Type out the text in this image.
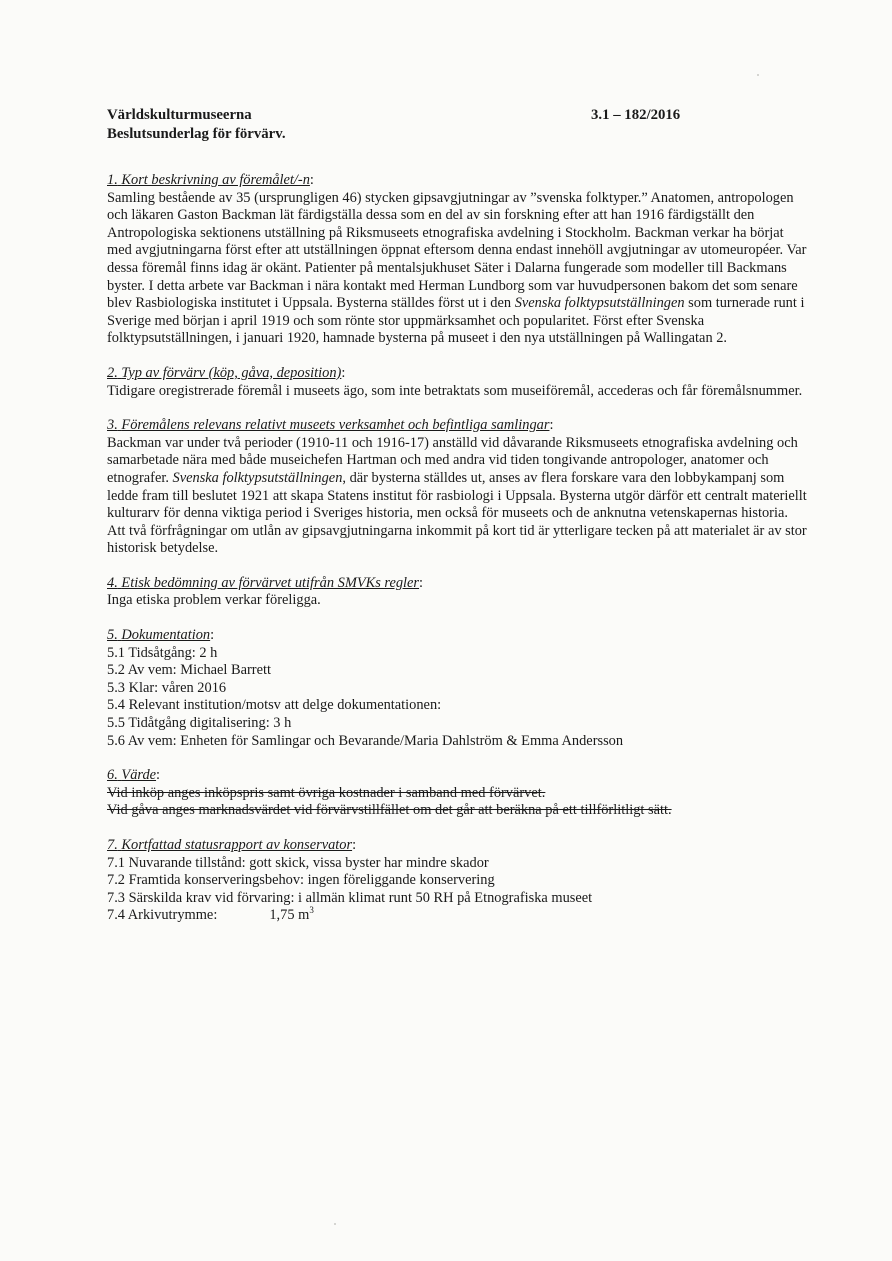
Världskulturmuseerna
Beslutsunderlag för förvärv.
3.1 – 182/2016
1. Kort beskrivning av föremålet/-n:

Samling bestående av 35 (ursprungligen 46) stycken gipsavgjutningar av ”svenska folktyper.” Anatomen, antropologen och läkaren Gaston Backman lät färdigställa dessa som en del av sin forskning efter att han 1916 färdigställt den Antropologiska sektionens utställning på Riksmuseets etnografiska avdelning i Stockholm. Backman verkar ha börjat med avgjutningarna först efter att utställningen öppnat eftersom denna endast innehöll avgjutningar av utomeuropéer. Var dessa föremål finns idag är okänt. Patienter på mentalsjukhuset Säter i Dalarna fungerade som modeller till Backmans byster. I detta arbete var Backman i nära kontakt med Herman Lundborg som var huvudpersonen bakom det som senare blev Rasbiologiska institutet i Uppsala. Bysterna ställdes först ut i den Svenska folktypsutställningen som turnerade runt i Sverige med början i april 1919 och som rönte stor uppmärksamhet och popularitet. Först efter Svenska folktypsutställningen, i januari 1920, hamnade bysterna på museet i den nya utställningen på Wallingatan 2.

2. Typ av förvärv (köp, gåva, deposition):

Tidigare oregistrerade föremål i museets ägo, som inte betraktats som museiföremål, accederas och får föremålsnummer.

3. Föremålens relevans relativt museets verksamhet och befintliga samlingar:

Backman var under två perioder (1910-11 och 1916-17) anställd vid dåvarande Riksmuseets etnografiska avdelning och samarbetade nära med både museichefen Hartman och med andra vid tiden tongivande antropologer, anatomer och etnografer. Svenska folktypsutställningen, där bysterna ställdes ut, anses av flera forskare vara den lobbykampanj som ledde fram till beslutet 1921 att skapa Statens institut för rasbiologi i Uppsala. Bysterna utgör därför ett centralt materiellt kulturarv för denna viktiga period i Sveriges historia, men också för museets och de anknutna vetenskapernas historia. Att två förfrågningar om utlån av gipsavgjutningarna inkommit på kort tid är ytterligare tecken på att materialet är av stor historisk betydelse.

4. Etisk bedömning av förvärvet utifrån SMVKs regler:

Inga etiska problem verkar föreligga.

5. Dokumentation:
5.1 Tidsåtgång: 2 h
5.2 Av vem: Michael Barrett
5.3 Klar: våren 2016
5.4 Relevant institution/motsv att delge dokumentationen:
5.5 Tidåtgång digitalisering: 3 h
5.6 Av vem: Enheten för Samlingar och Bevarande/Maria Dahlström & Emma Andersson
6. Värde:
Vid inköp anges inköpspris samt övriga kostnader i samband med förvärvet.
Vid gåva anges marknadsvärdet vid förvärvstillfället om det går att beräkna på ett tillförlitligt sätt.
7. Kortfattad statusrapport av konservator:
7.1 Nuvarande tillstånd: gott skick, vissa byster har mindre skador
7.2 Framtida konserveringsbehov: ingen föreliggande konservering
7.3 Särskilda krav vid förvaring: i allmän klimat runt 50 RH på Etnografiska museet
7.4 Arkivutrymme:	1,75 $m^3$
